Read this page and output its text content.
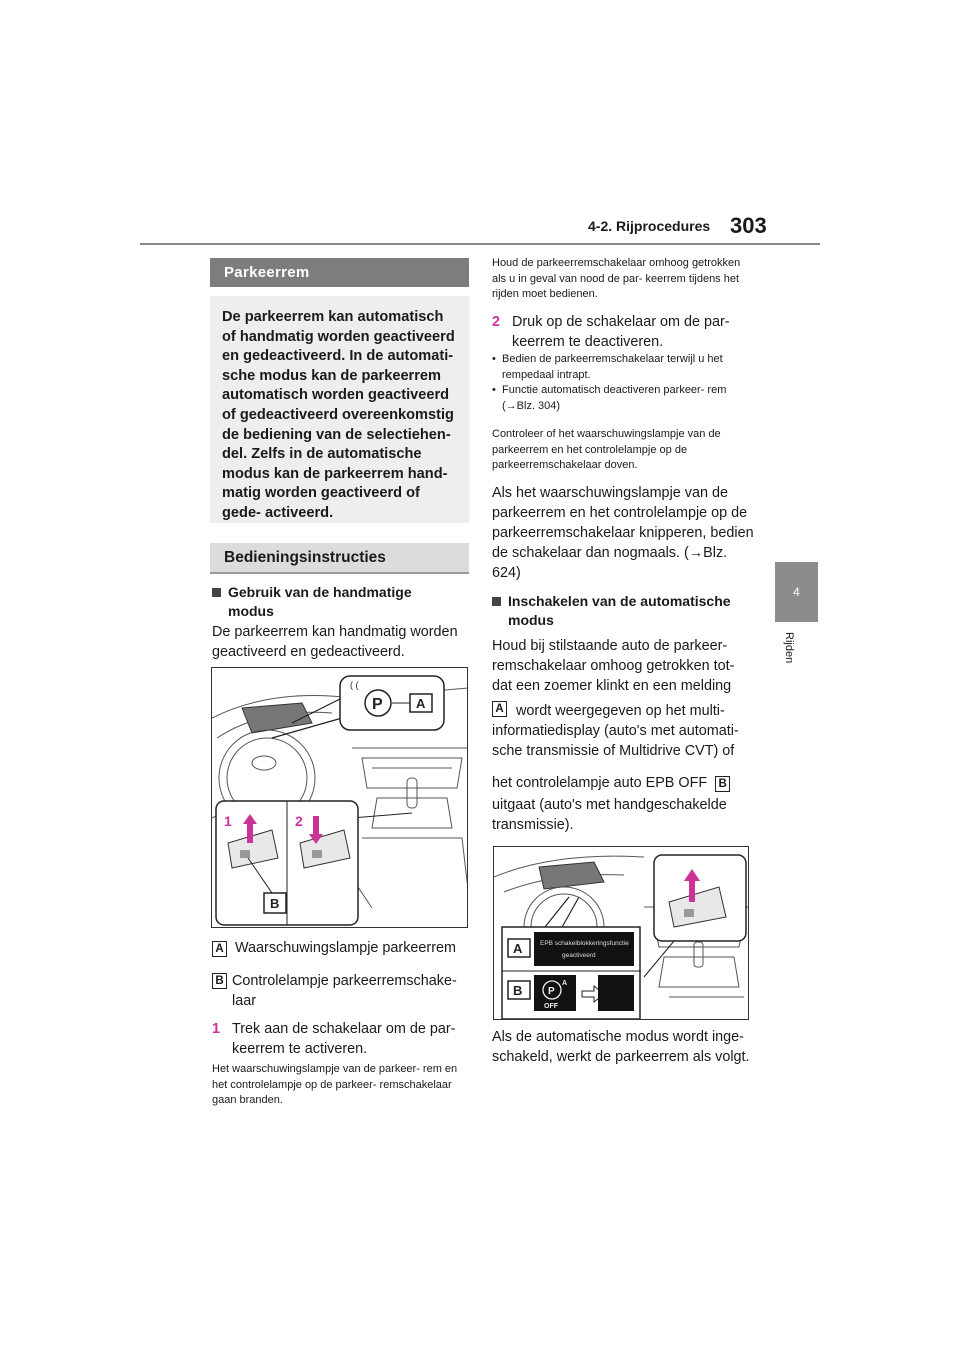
4-2. Rijprocedures 303
4
Rijden
Parkeerrem
De parkeerrem kan automatisch of handmatig worden geactiveerd en gedeactiveerd. In de automati- sche modus kan de parkeerrem automatisch worden geactiveerd of gedeactiveerd overeenkomstig de bediening van de selectiehen- del. Zelfs in de automatische modus kan de parkeerrem hand- matig worden geactiveerd of gede- activeerd.
Bedieningsinstructies
Gebruik van de handmatige
modus
De parkeerrem kan handmatig worden geactiveerd en gedeactiveerd.
( (
P	A
1	2
B
A Waarschuwingslampje parkeerrem
B Controlelampje parkeerremschake- laar
1 Trek aan de schakelaar om de par- keerrem te activeren.
Het waarschuwingslampje van de parkeer- rem en het controlelampje op de parkeer- remschakelaar gaan branden.
Houd de parkeerremschakelaar omhoog getrokken als u in geval van nood de par- keerrem tijdens het rijden moet bedienen.
2 Druk op de schakelaar om de par- keerrem te deactiveren.
• Bedien de parkeerremschakelaar terwijl u het rempedaal intrapt.
• Functie automatisch deactiveren parkeer- rem (→Blz. 304)
Controleer of het waarschuwingslampje van de parkeerrem en het controlelampje op de parkeerremschakelaar doven.
Als het waarschuwingslampje van de parkeerrem en het controlelampje op de parkeerremschakelaar knipperen, bedien de schakelaar dan nogmaals. (→Blz. 624)
Inschakelen van de automatische
modus
Houd bij stilstaande auto de parkeer- remschakelaar omhoog getrokken tot- dat een zoemer klinkt en een melding
A wordt weergegeven op het multi- informatiedisplay (auto's met automati- sche transmissie of Multidrive CVT) of
het controlelampje auto EPB OFF B
uitgaat (auto's met handgeschakelde transmissie).
A	EPB schakelblokkeringsfunctie
geactiveerd
B	P
A
OFF
Als de automatische modus wordt inge- schakeld, werkt de parkeerrem als volgt.
